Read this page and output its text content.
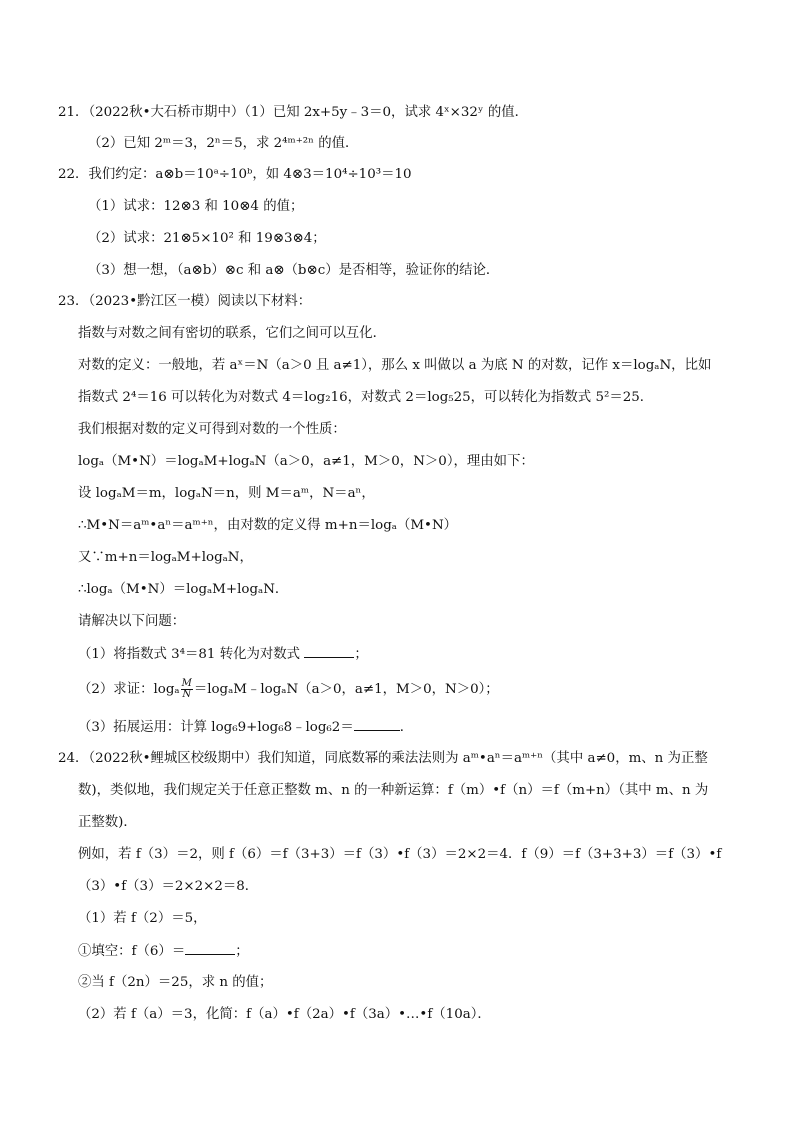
21．（2022秋•大石桥市期中）（1）已知 2x+5y﹣3＝0，试求 4ˣ×32ʸ 的值．
（2）已知 2ᵐ＝3，2ⁿ＝5，求 2⁴ᵐ⁺²ⁿ 的值．
22．我们约定：a⊗b＝10ᵃ÷10ᵇ，如 4⊗3＝10⁴÷10³＝10
（1）试求：12⊗3 和 10⊗4 的值；
（2）试求：21⊗5×10² 和 19⊗3⊗4；
（3）想一想，（a⊗b）⊗c 和 a⊗（b⊗c）是否相等，验证你的结论．
23．（2023•黔江区一模）阅读以下材料：
指数与对数之间有密切的联系，它们之间可以互化．
对数的定义：一般地，若 aˣ＝N（a＞0 且 a≠1），那么 x 叫做以 a 为底 N 的对数，记作 x＝logₐN，比如
指数式 2⁴＝16 可以转化为对数式 4＝log₂16，对数式 2＝log₅25，可以转化为指数式 5²＝25．
我们根据对数的定义可得到对数的一个性质：
logₐ（M•N）＝logₐM+logₐN（a＞0，a≠1，M＞0，N＞0），理由如下：
设 logₐM＝m，logₐN＝n，则 M＝aᵐ，N＝aⁿ，
∴M•N＝aᵐ•aⁿ＝aᵐ⁺ⁿ，由对数的定义得 m+n＝logₐ（M•N）
又∵m+n＝logₐM+logₐN，
∴logₐ（M•N）＝logₐM+logₐN．
请解决以下问题：
（1）将指数式 3⁴＝81 转化为对数式	；
（2）求证：logₐ $\frac{M}{N}$ ＝logₐM﹣logₐN（a＞0，a≠1，M＞0，N＞0）；
（3）拓展运用：计算 log₆9+log₆8﹣log₆2＝	．
24．（2022秋•鲤城区校级期中）我们知道，同底数幂的乘法法则为 aᵐ•aⁿ＝aᵐ⁺ⁿ（其中 a≠0，m、n 为正整
数)，类似地，我们规定关于任意正整数 m、n 的一种新运算：f（m）•f（n）＝f（m+n）（其中 m、n 为
正整数)．
例如，若 f（3）＝2，则 f（6）＝f（3+3）＝f（3）•f（3）＝2×2＝4．f（9）＝f（3+3+3）＝f（3）•f
（3）•f（3）＝2×2×2＝8．
（1）若 f（2）＝5，
①填空：f（6）＝	；
②当 f（2n）＝25，求 n 的值；
（2）若 f（a）＝3，化简：f（a）•f（2a）•f（3a）•…•f（10a）．
